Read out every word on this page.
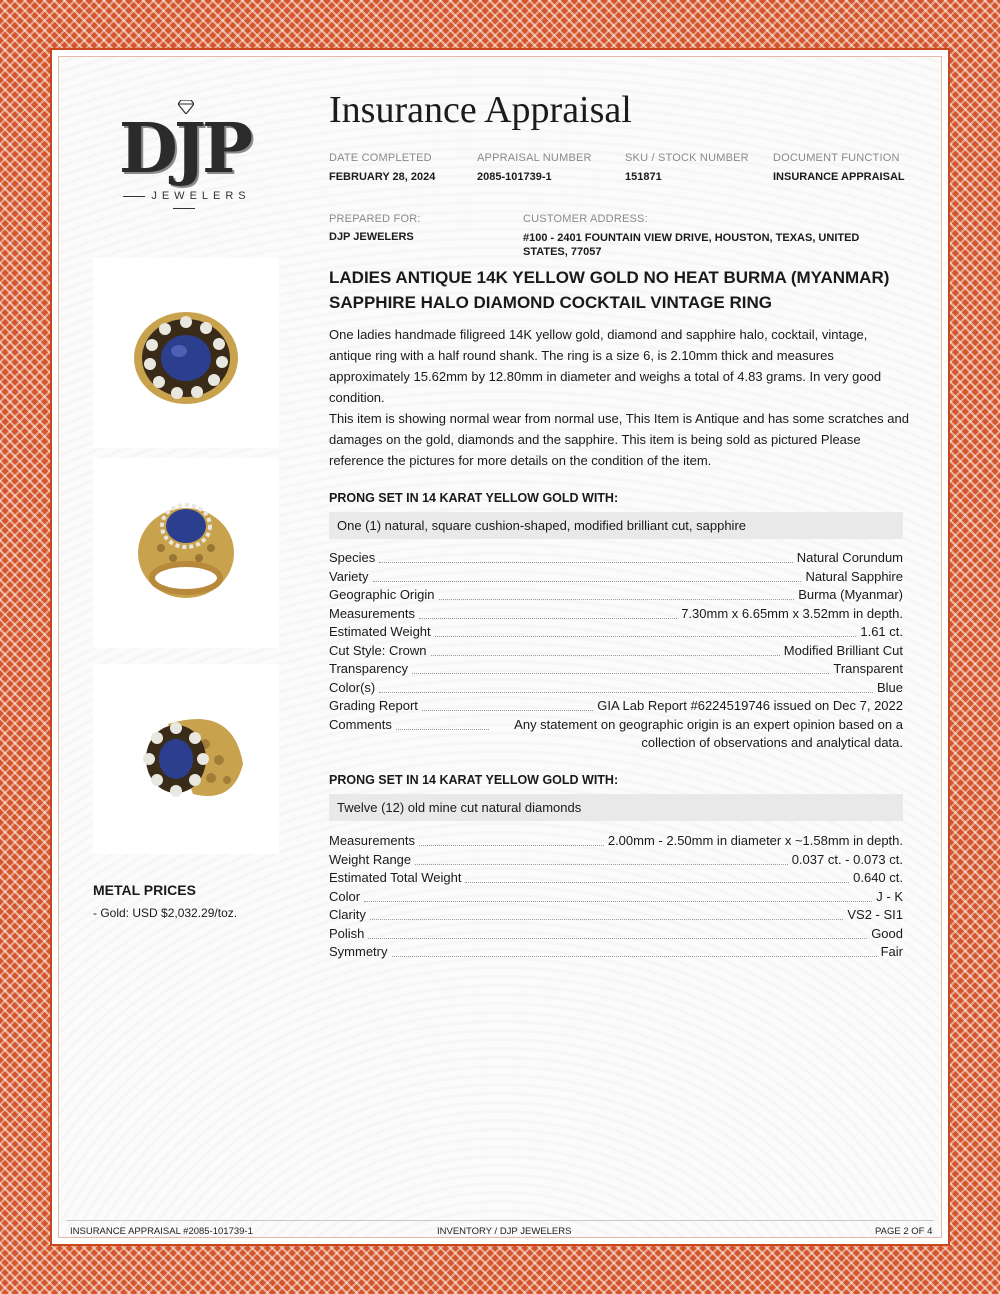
DJP
JEWELERS
Insurance Appraisal
DATE COMPLETED
FEBRUARY 28, 2024
APPRAISAL NUMBER
2085-101739-1
SKU / STOCK NUMBER
151871
DOCUMENT FUNCTION
INSURANCE APPRAISAL
PREPARED FOR:
DJP JEWELERS
CUSTOMER ADDRESS:
#100 - 2401 FOUNTAIN VIEW DRIVE, HOUSTON, TEXAS, UNITED STATES, 77057
LADIES ANTIQUE 14K YELLOW GOLD NO HEAT BURMA (MYANMAR) SAPPHIRE HALO DIAMOND COCKTAIL VINTAGE RING

One ladies handmade filigreed 14K yellow gold, diamond and sapphire halo, cocktail, vintage, antique ring with a half round shank. The ring is a size 6, is 2.10mm thick and measures approximately 15.62mm by 12.80mm in diameter and weighs a total of 4.83 grams. In very good condition.

This item is showing normal wear from normal use, This Item is Antique and has some scratches and damages on the gold, diamonds and the sapphire. This item is being sold as pictured Please reference the pictures for more details on the condition of the item.

PRONG SET IN 14 KARAT YELLOW GOLD WITH:
One (1) natural, square cushion-shaped, modified brilliant cut, sapphire
Species	Natural Corundum
Variety	Natural Sapphire
Geographic Origin	Burma (Myanmar)
Measurements	7.30mm x 6.65mm x 3.52mm in depth.
Estimated Weight	1.61 ct.
Cut Style: Crown	Modified Brilliant Cut
Transparency	Transparent
Color(s)	Blue
Grading Report	GIA Lab Report #6224519746 issued on Dec 7, 2022
Comments	Any statement on geographic origin is an expert opinion based on a collection of observations and analytical data.
PRONG SET IN 14 KARAT YELLOW GOLD WITH:
Twelve (12) old mine cut natural diamonds
Measurements	2.00mm - 2.50mm in diameter x ~1.58mm in depth.
Weight Range	0.037 ct. - 0.073 ct.
Estimated Total Weight	0.640 ct.
Color	J - K
Clarity	VS2 - SI1
Polish	Good
Symmetry	Fair
METAL PRICES
- Gold: USD $2,032.29/toz.
INSURANCE APPRAISAL #2085-101739-1	INVENTORY / DJP JEWELERS	PAGE 2 OF 4
